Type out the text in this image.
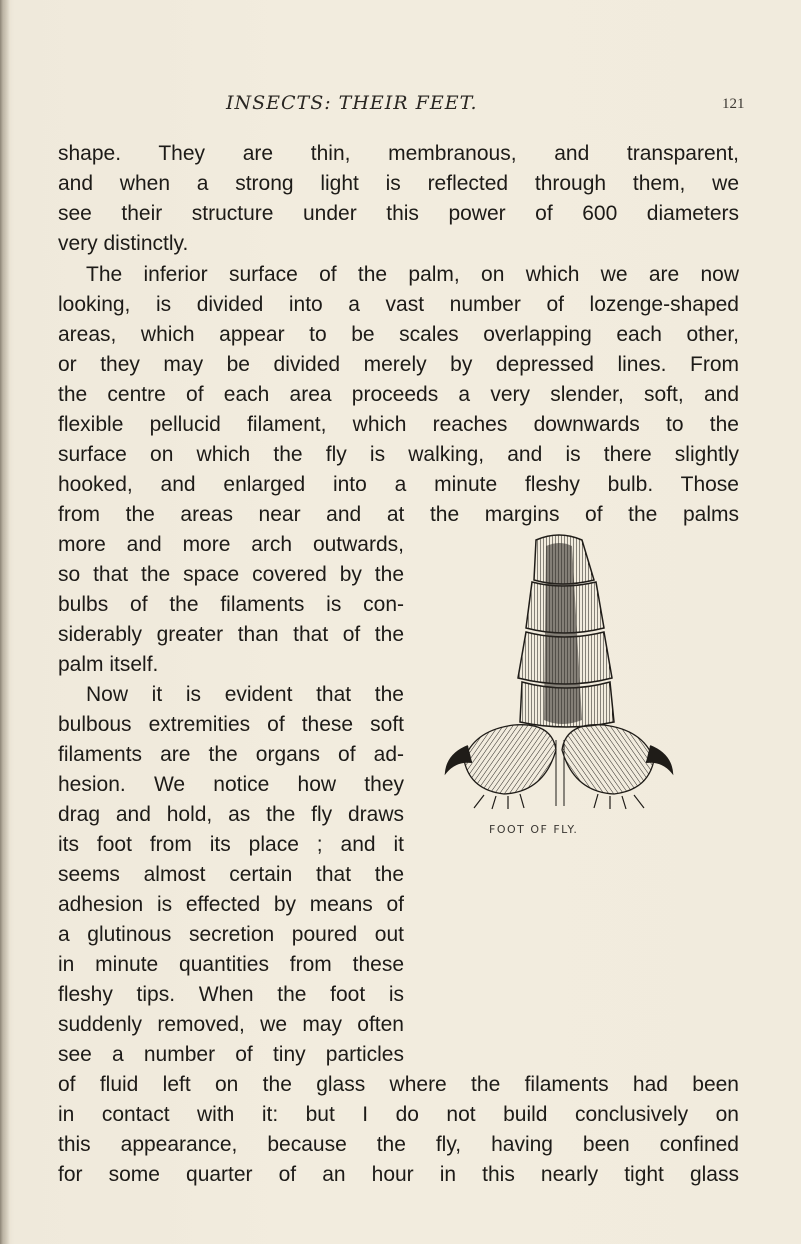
INSECTS: THEIR FEET.	121
shape. They are thin, membranous, and transparent,
and when a strong light is reflected through them, we
see their structure under this power of 600 diameters
very distinctly.
The inferior surface of the palm, on which we are now
looking, is divided into a vast number of lozenge-shaped
areas, which appear to be scales overlapping each other,
or they may be divided merely by depressed lines. From
the centre of each area proceeds a very slender, soft, and
flexible pellucid filament, which reaches downwards to the
surface on which the fly is walking, and is there slightly
hooked, and enlarged into a minute fleshy bulb. Those
from the areas near and at the margins of the palms
more and more arch outwards,
so that the space covered by the
bulbs of the filaments is con-
siderably greater than that of the
palm itself.
Now it is evident that the
bulbous extremities of these soft
filaments are the organs of ad-
hesion. We notice how they
drag and hold, as the fly draws
its foot from its place ; and it
seems almost certain that the
adhesion is effected by means of
a glutinous secretion poured out
in minute quantities from these
fleshy tips. When the foot is
suddenly removed, we may often
see a number of tiny particles
of fluid left on the glass where the filaments had been
in contact with it: but I do not build conclusively on
this appearance, because the fly, having been confined
for some quarter of an hour in this nearly tight glass
FOOT OF FLY.
